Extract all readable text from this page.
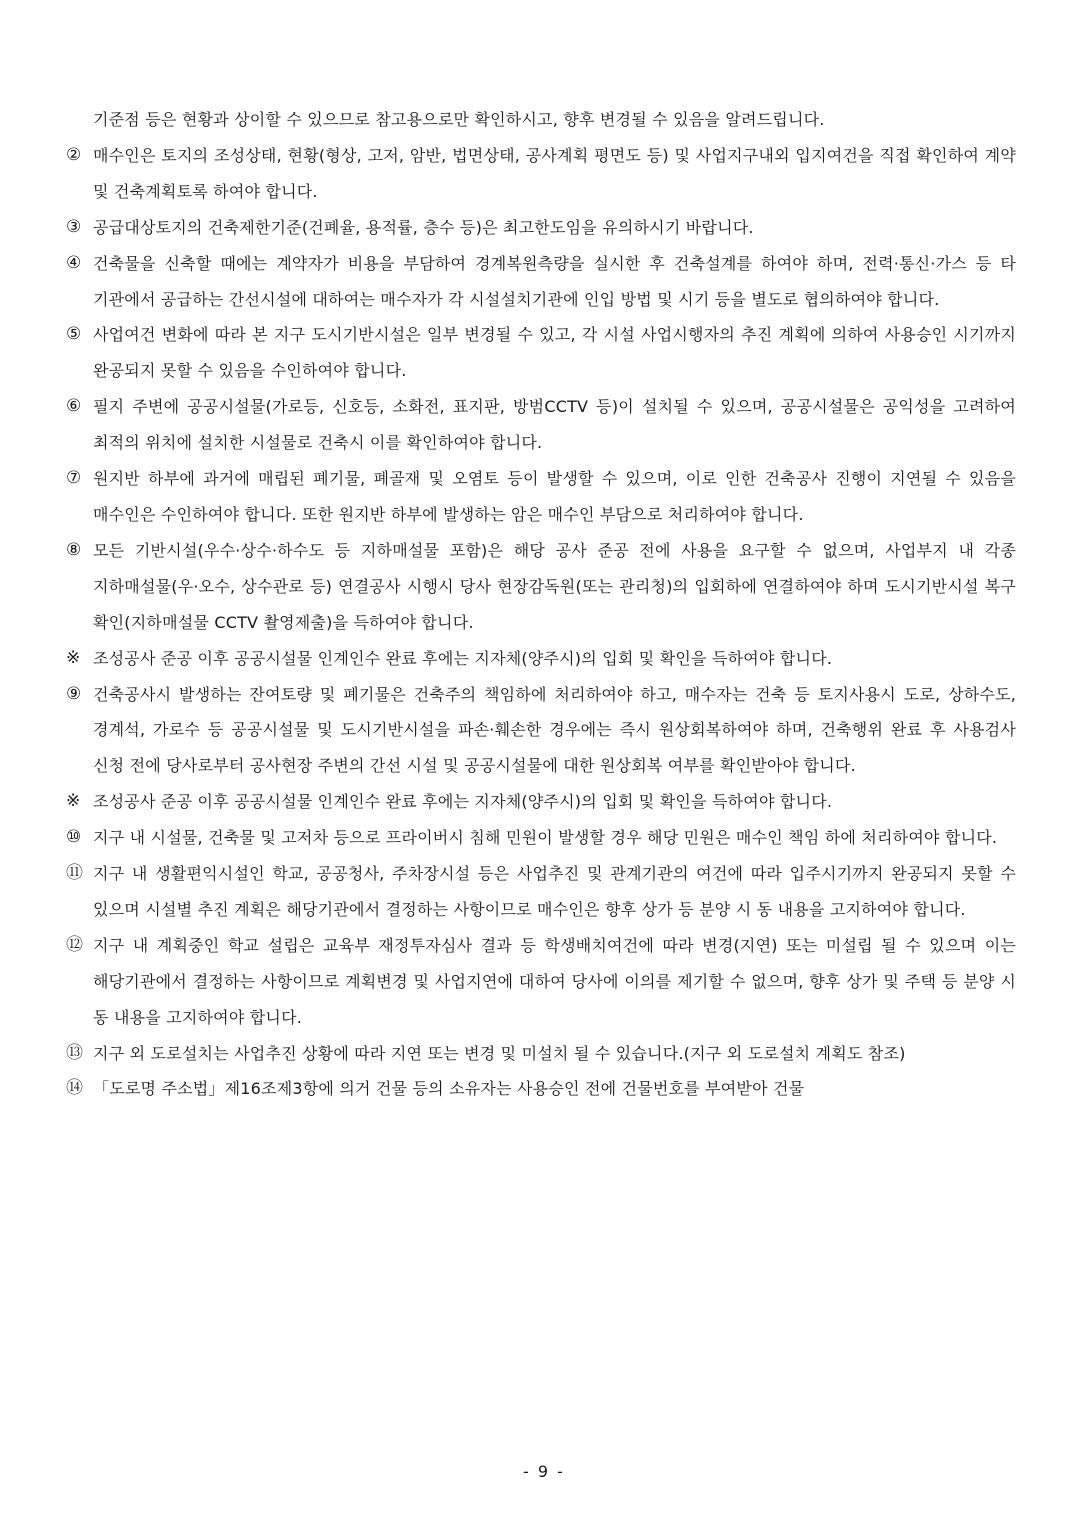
기준점 등은 현황과 상이할 수 있으므로 참고용으로만 확인하시고, 향후 변경될 수 있음을 알려드립니다.
② 매수인은 토지의 조성상태, 현황(형상, 고저, 암반, 법면상태, 공사계획 평면도 등) 및 사업지구내외 입지여건을 직접 확인하여 계약 및 건축계획토록 하여야 합니다.
③ 공급대상토지의 건축제한기준(건폐율, 용적률, 층수 등)은 최고한도임을 유의하시기 바랍니다.
④ 건축물을 신축할 때에는 계약자가 비용을 부담하여 경계복원측량을 실시한 후 건축설계를 하여야 하며, 전력·통신·가스 등 타 기관에서 공급하는 간선시설에 대하여는 매수자가 각 시설설치기관에 인입 방법 및 시기 등을 별도로 협의하여야 합니다.
⑤ 사업여건 변화에 따라 본 지구 도시기반시설은 일부 변경될 수 있고, 각 시설 사업시행자의 추진 계획에 의하여 사용승인 시기까지 완공되지 못할 수 있음을 수인하여야 합니다.
⑥ 필지 주변에 공공시설물(가로등, 신호등, 소화전, 표지판, 방범CCTV 등)이 설치될 수 있으며, 공공시설물은 공익성을 고려하여 최적의 위치에 설치한 시설물로 건축시 이를 확인하여야 합니다.
⑦ 원지반 하부에 과거에 매립된 폐기물, 폐골재 및 오염토 등이 발생할 수 있으며, 이로 인한 건축공사 진행이 지연될 수 있음을 매수인은 수인하여야 합니다. 또한 원지반 하부에 발생하는 암은 매수인 부담으로 처리하여야 합니다.
⑧ 모든 기반시설(우수·상수·하수도 등 지하매설물 포함)은 해당 공사 준공 전에 사용을 요구할 수 없으며, 사업부지 내 각종 지하매설물(우·오수, 상수관로 등) 연결공사 시행시 당사 현장감독원(또는 관리청)의 입회하에 연결하여야 하며 도시기반시설 복구 확인(지하매설물 CCTV 촬영제출)을 득하여야 합니다.
※ 조성공사 준공 이후 공공시설물 인계인수 완료 후에는 지자체(양주시)의 입회 및 확인을 득하여야 합니다.
⑨ 건축공사시 발생하는 잔여토량 및 폐기물은 건축주의 책임하에 처리하여야 하고, 매수자는 건축 등 토지사용시 도로, 상하수도, 경계석, 가로수 등 공공시설물 및 도시기반시설을 파손·훼손한 경우에는 즉시 원상회복하여야 하며, 건축행위 완료 후 사용검사 신청 전에 당사로부터 공사현장 주변의 간선 시설 및 공공시설물에 대한 원상회복 여부를 확인받아야 합니다.
※ 조성공사 준공 이후 공공시설물 인계인수 완료 후에는 지자체(양주시)의 입회 및 확인을 득하여야 합니다.
⑩ 지구 내 시설물, 건축물 및 고저차 등으로 프라이버시 침해 민원이 발생할 경우 해당 민원은 매수인 책임 하에 처리하여야 합니다.
⑪ 지구 내 생활편익시설인 학교, 공공청사, 주차장시설 등은 사업추진 및 관계기관의 여건에 따라 입주시기까지 완공되지 못할 수 있으며 시설별 추진 계획은 해당기관에서 결정하는 사항이므로 매수인은 향후 상가 등 분양 시 동 내용을 고지하여야 합니다.
⑫ 지구 내 계획중인 학교 설립은 교육부 재정투자심사 결과 등 학생배치여건에 따라 변경(지연) 또는 미설립 될 수 있으며 이는 해당기관에서 결정하는 사항이므로 계획변경 및 사업지연에 대하여 당사에 이의를 제기할 수 없으며, 향후 상가 및 주택 등 분양 시 동 내용을 고지하여야 합니다.
⑬ 지구 외 도로설치는 사업추진 상황에 따라 지연 또는 변경 및 미설치 될 수 있습니다.(지구 외 도로설치 계획도 참조)
⑭ 「도로명 주소법」제16조제3항에 의거 건물 등의 소유자는 사용승인 전에 건물번호를 부여받아 건물
- 9 -
